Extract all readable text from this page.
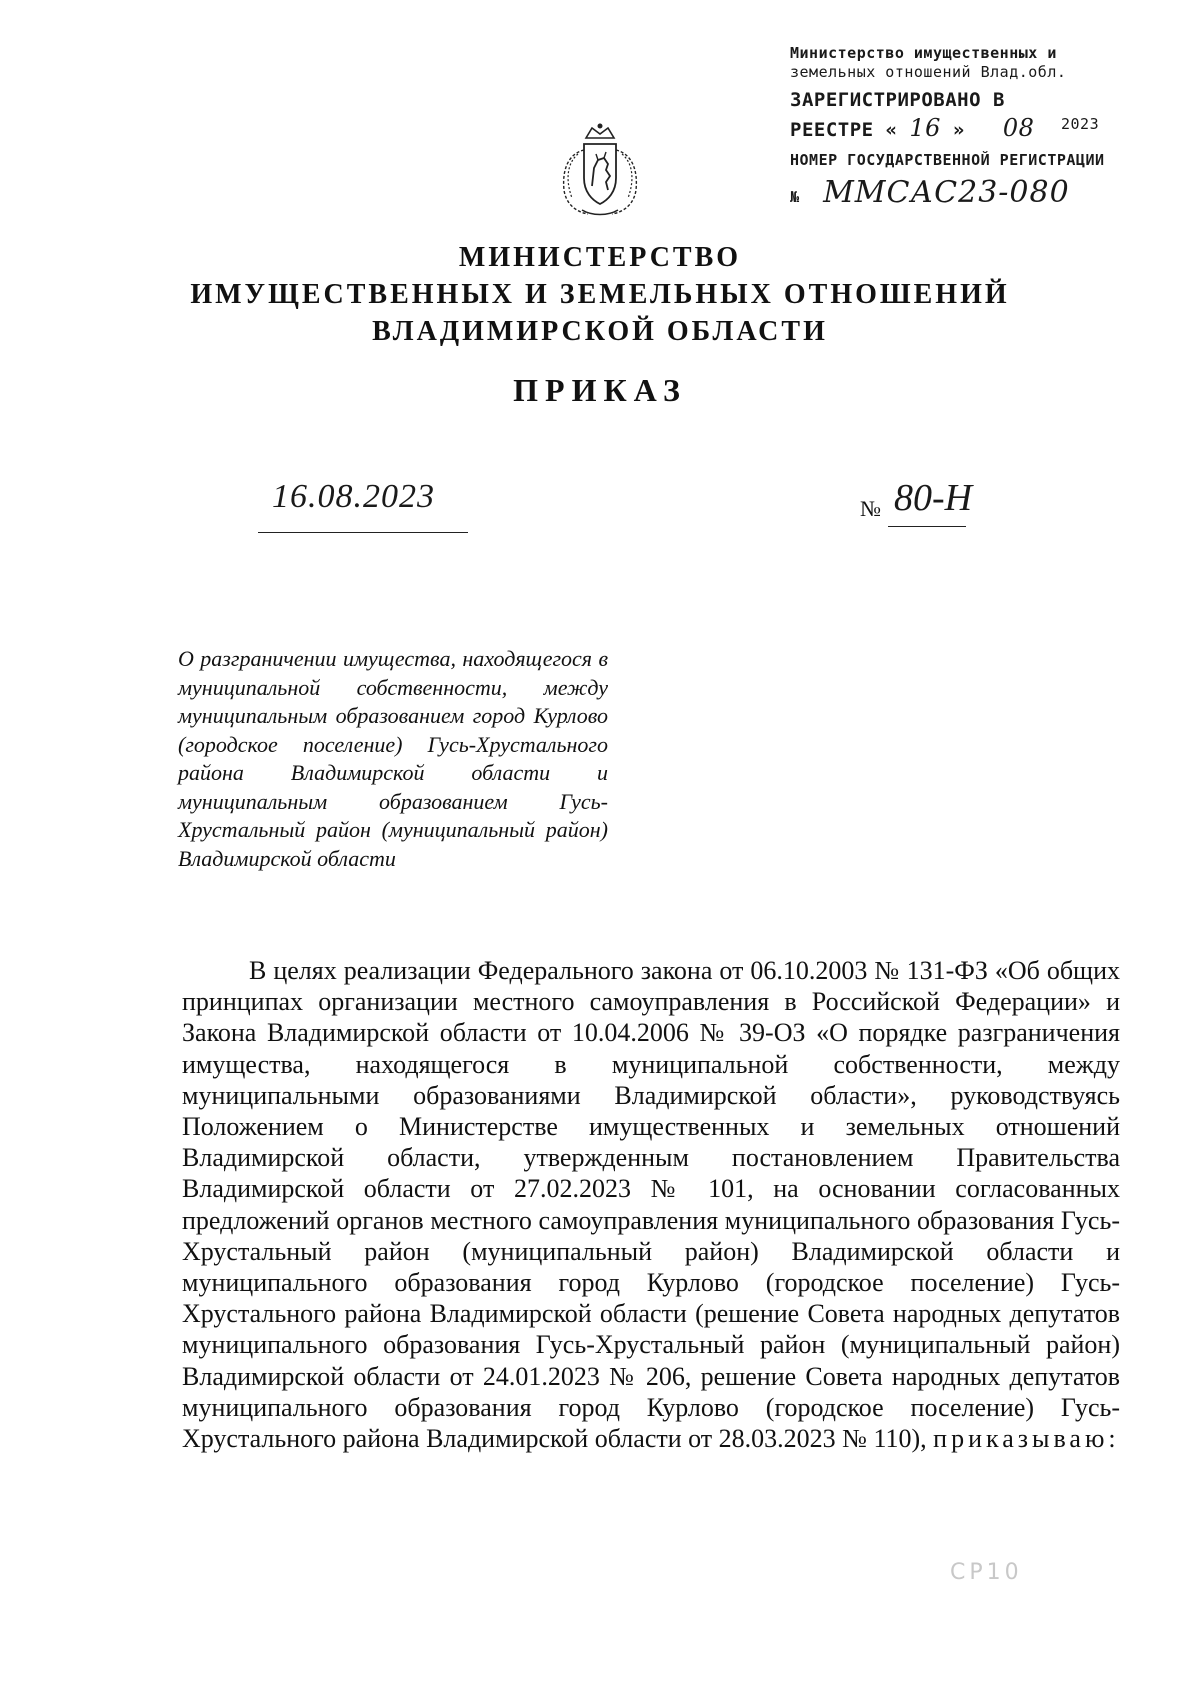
Министерство имущественных и
земельных отношений Влад.обл.
ЗАРЕГИСТРИРОВАНО В
РЕЕСТРЕ « 16 » 08 2023
НОМЕР ГОСУДАРСТВЕННОЙ РЕГИСТРАЦИИ
№ ММСАС23-080
МИНИСТЕРСТВО
ИМУЩЕСТВЕННЫХ И ЗЕМЕЛЬНЫХ ОТНОШЕНИЙ
ВЛАДИМИРСКОЙ ОБЛАСТИ
ПРИКАЗ
16.08.2023	№ 80-Н
О разграничении имущества, находящегося в муниципальной собственности, между муниципальным образованием город Курлово (городское поселение) Гусь-Хрустального района Владимирской области и муниципальным образованием Гусь-Хрустальный район (муниципальный район) Владимирской области
В целях реализации Федерального закона от 06.10.2003 № 131-ФЗ «Об общих принципах организации местного самоуправления в Российской Федерации» и Закона Владимирской области от 10.04.2006 № 39-ОЗ «О порядке разграничения имущества, находящегося в муниципальной собственности, между муниципальными образованиями Владимирской области», руководствуясь Положением о Министерстве имущественных и земельных отношений Владимирской области, утвержденным постановлением Правительства Владимирской области от 27.02.2023 № 101, на основании согласованных предложений органов местного самоуправления муниципального образования Гусь-Хрустальный район (муниципальный район) Владимирской области и муниципального образования город Курлово (городское поселение) Гусь-Хрустального района Владимирской области (решение Совета народных депутатов муниципального образования Гусь-Хрустальный район (муниципальный район) Владимирской области от 24.01.2023 № 206, решение Совета народных депутатов муниципального образования город Курлово (городское поселение) Гусь-Хрустального района Владимирской области от 28.03.2023 № 110), приказываю:
СР10
